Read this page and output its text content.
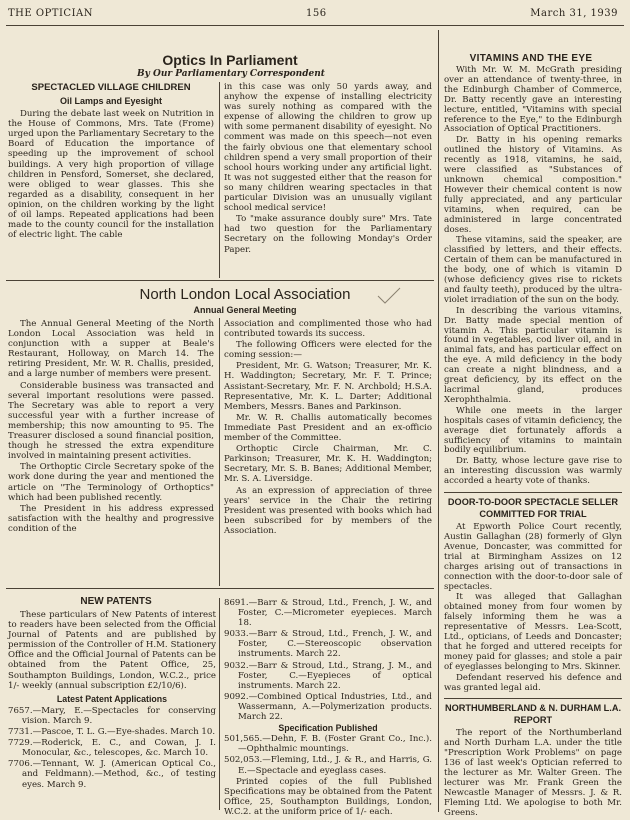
THE OPTICIAN	156	March 31, 1939
Optics In Parliament
By Our Parliamentary Correspondent
SPECTACLED VILLAGE CHILDREN
Oil Lamps and Eyesight

During the debate last week on Nutrition in the House of Commons, Mrs. Tate (Frome) urged upon the Parliamentary Secretary to the Board of Education the importance of speeding up the improvement of school buildings. A very high proportion of village children in Pensford, Somerset, she declared, were obliged to wear glasses. This she regarded as a disability, consequent in her opinion, on the children working by the light of oil lamps. Repeated applications had been made to the county council for the installation of electric light. The cable

in this case was only 50 yards away, and anyhow the expense of installing electricity was surely nothing as compared with the expense of allowing the children to grow up with some permanent disability of eyesight. No comment was made on this speech—not even the fairly obvious one that elementary school children spend a very small proportion of their school hours working under any artificial light. It was not suggested either that the reason for so many children wearing spectacles in that particular Division was an unusually vigilant school medical service!

To "make assurance doubly sure" Mrs. Tate had two question for the Parliamentary Secretary on the following Monday's Order Paper.

North London Local Association
Annual General Meeting

The Annual General Meeting of the North London Local Association was held in conjunction with a supper at Beale's Restaurant, Holloway, on March 14. The retiring President, Mr. W. R. Challis, presided, and a large number of members were present.

Considerable business was transacted and several important resolutions were passed. The Secretary was able to report a very successful year with a further increase of membership; this now amounting to 95. The Treasurer disclosed a sound financial position, though he stressed the extra expenditure involved in maintaining present activities.

The Orthoptic Circle Secretary spoke of the work done during the year and mentioned the article on "The Terminology of Orthoptics" which had been published recently.

The President in his address expressed satisfaction with the healthy and progressive condition of the

Association and complimented those who had contributed towards its success.

The following Officers were elected for the coming session:—

President, Mr. G. Watson; Treasurer, Mr. K. H. Waddington; Secretary, Mr. F. T. Prince; Assistant-Secretary, Mr. F. N. Archbold; H.S.A. Representative, Mr. K. L. Darter; Additional Members, Messrs. Banes and Parkinson.

Mr. W. R. Challis automatically becomes Immediate Past President and an ex-officio member of the Committee.

Orthoptic Circle Chairman, Mr. C. Parkinson; Treasurer, Mr. K. H. Waddington; Secretary, Mr. S. B. Banes; Additional Member, Mr. S. A. Liversidge.

As an expression of appreciation of three years' service in the Chair the retiring President was presented with books which had been subscribed for by members of the Association.

NEW PATENTS

These particulars of New Patents of interest to readers have been selected from the Official Journal of Patents and are published by permission of the Controller of H.M. Stationery Office and the Official Journal of Patents can be obtained from the Patent Office, 25, Southampton Buildings, London, W.C.2., price 1/- weekly (annual subscription £2/10/6).

Latest Patent Applications

7657.—Mary, E.—Spectacles for conserving vision. March 9.

7731.—Pascoe, T. L. G.—Eye-shades. March 10.

7729.—Roderick, E. C., and Cowan, J. I. Monocular, &c., telescopes, &c. March 10.

7706.—Tennant, W. J. (American Optical Co., and Feldmann).—Method, &c., of testing eyes. March 9.

8691.—Barr & Stroud, Ltd., French, J. W., and Foster, C.—Micrometer eyepieces. March 18.

9033.—Barr & Stroud, Ltd., French, J. W., and Foster, C.—Stereoscopic observation instruments. March 22.

9032.—Barr & Stroud, Ltd., Strang, J. M., and Foster, C.—Eyepieces of optical instruments. March 22.

9092.—Combined Optical Industries, Ltd., and Wassermann, A.—Polymerization products. March 22.

Specification Published

501,565.—Dehn, F. B. (Foster Grant Co., Inc.).—Ophthalmic mountings.

502,053.—Fleming, Ltd., J. & R., and Harris, G. E.—Spectacle and eyeglass cases.

Printed copies of the full Published Specifications may be obtained from the Patent Office, 25, Southampton Buildings, London, W.C.2. at the uniform price of 1/- each.

VITAMINS AND THE EYE

With Mr. W. M. McGrath presiding over an attendance of twenty-three, in the Edinburgh Chamber of Commerce, Dr. Batty recently gave an interesting lecture, entitled, "Vitamins with special reference to the Eye," to the Edinburgh Association of Optical Practitioners.

Dr. Batty in his opening remarks outlined the history of Vitamins. As recently as 1918, vitamins, he said, were classified as "Substances of unknown chemical composition." However their chemical content is now fully appreciated, and any particular vitamins, when required, can be administered in large concentrated doses.

These vitamins, said the speaker, are classified by letters, and their effects. Certain of them can be manufactured in the body, one of which is vitamin D (whose deficiency gives rise to rickets and faulty teeth), produced by the ultra-violet irradiation of the sun on the body.

In describing the various vitamins, Dr. Batty made special mention of vitamin A. This particular vitamin is found in vegetables, cod liver oil, and in animal fats, and has particular effect on the eye. A mild deficiency in the body can create a night blindness, and a great deficiency, by its effect on the lacrimal gland, produces Xerophthalmia.

While one meets in the larger hospitals cases of vitamin deficiency, the average diet fortunately affords a sufficiency of vitamins to maintain bodily equilibrium.

Dr. Batty, whose lecture gave rise to an interesting discussion was warmly accorded a hearty vote of thanks.

DOOR-TO-DOOR SPECTACLE SELLER COMMITTED FOR TRIAL

At Epworth Police Court recently, Austin Gallaghan (28) formerly of Glyn Avenue, Doncaster, was committed for trial at Birmingham Assizes on 12 charges arising out of transactions in connection with the door-to-door sale of spectacles.

It was alleged that Gallaghan obtained money from four women by falsely informing them he was a representative of Messrs. Lea-Scott, Ltd., opticians, of Leeds and Doncaster; that he forged and uttered receipts for money paid for glasses; and stole a pair of eyeglasses belonging to Mrs. Skinner.

Defendant reserved his defence and was granted legal aid.

NORTHUMBERLAND & N. DURHAM L.A. REPORT

The report of the Northumberland and North Durham L.A. under the title "Prescription Work Problems" on page 136 of last week's Optician referred to the lecturer as Mr. Walter Green. The lecturer was Mr. Frank Green the Newcastle Manager of Messrs. J. & R. Fleming Ltd. We apologise to both Mr. Greens.
